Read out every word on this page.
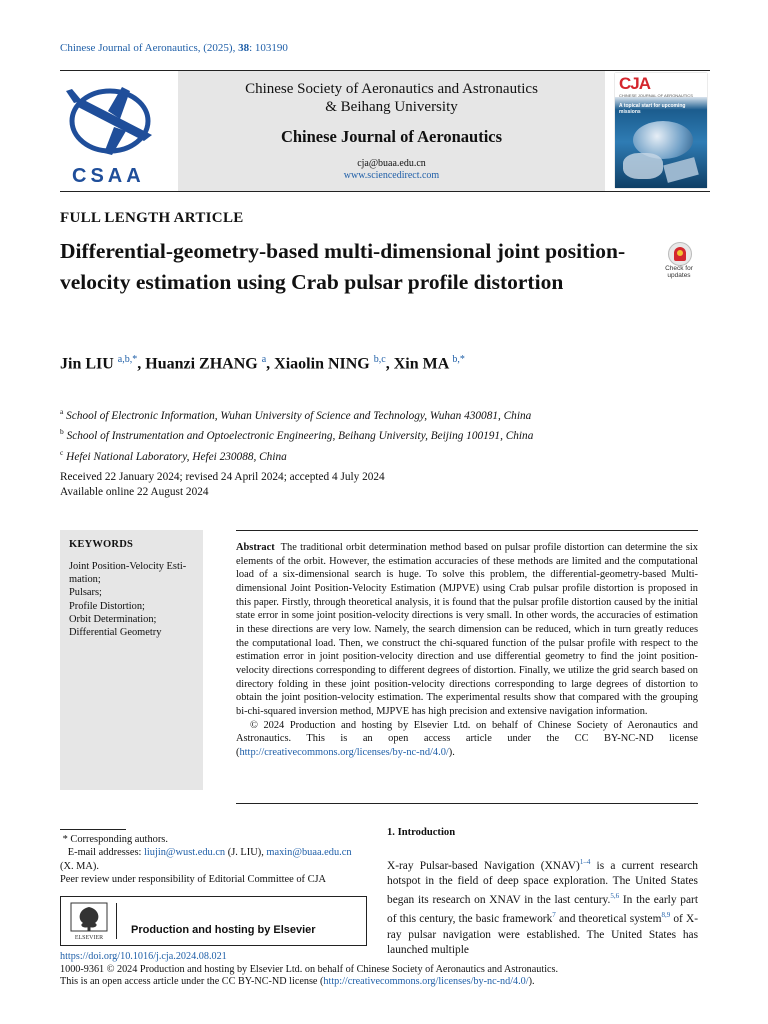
Chinese Journal of Aeronautics, (2025), 38: 103190
CSAA
Chinese Society of Aeronautics and Astronautics
& Beihang University
Chinese Journal of Aeronautics
cja@buaa.edu.cn
www.sciencedirect.com
CJA
CHINESE JOURNAL OF AERONAUTICS
A topical start for upcoming missions
FULL LENGTH ARTICLE
Differential-geometry-based multi-dimensional joint position-velocity estimation using Crab pulsar profile distortion
Check for updates
Jin LIU $^{a,b,*}$, Huanzi ZHANG $^a$, Xiaolin NING $^{b,c}$, Xin MA $^{b,*}$
$^a$ School of Electronic Information, Wuhan University of Science and Technology, Wuhan 430081, China
$^b$ School of Instrumentation and Optoelectronic Engineering, Beihang University, Beijing 100191, China
$^c$ Hefei National Laboratory, Hefei 230088, China
Received 22 January 2024; revised 24 April 2024; accepted 4 July 2024
Available online 22 August 2024
KEYWORDS
Joint Position-Velocity Esti-mation;
Pulsars;
Profile Distortion;
Orbit Determination;
Differential Geometry
Abstract The traditional orbit determination method based on pulsar profile distortion can determine the six elements of the orbit. However, the estimation accuracies of these methods are limited and the computational load of a six-dimensional search is huge. To solve this problem, the differential-geometry-based Multi-dimensional Joint Position-Velocity Estimation (MJPVE) using Crab pulsar profile distortion is proposed in this paper. Firstly, through theoretical analysis, it is found that the pulsar profile distortion caused by the initial state error in some joint position-velocity directions is very small. In other words, the accuracies of estimation in these directions are very low. Namely, the search dimension can be reduced, which in turn greatly reduces the computational load. Then, we construct the chi-squared function of the pulsar profile with respect to the estimation error in joint position-velocity direction and use differential geometry to find the joint position-velocity directions corresponding to different degrees of distortion. Finally, we utilize the grid search based on directory folding in these joint position-velocity directions corresponding to large degrees of distortion to obtain the joint position-velocity estimation. The experimental results show that compared with the grouping bi-chi-squared inversion method, MJPVE has high precision and extensive navigation information.
© 2024 Production and hosting by Elsevier Ltd. on behalf of Chinese Society of Aeronautics and Astronautics. This is an open access article under the CC BY-NC-ND license (http://creativecommons.org/licenses/by-nc-nd/4.0/).
* Corresponding authors.
E-mail addresses: liujin@wust.edu.cn (J. LIU), maxin@buaa.edu.cn
(X. MA).
Peer review under responsibility of Editorial Committee of CJA
ELSEVIER
Production and hosting by Elsevier
1. Introduction
X-ray Pulsar-based Navigation (XNAV)$^{1-4}$ is a current research hotspot in the field of deep space exploration. The United States began its research on XNAV in the last century.$^{5,6}$ In the early part of this century, the basic framework$^7$ and theoretical system$^{8,9}$ of X-ray pulsar navigation were established. The United States has launched multiple
https://doi.org/10.1016/j.cja.2024.08.021
1000-9361 © 2024 Production and hosting by Elsevier Ltd. on behalf of Chinese Society of Aeronautics and Astronautics.
This is an open access article under the CC BY-NC-ND license (http://creativecommons.org/licenses/by-nc-nd/4.0/).
